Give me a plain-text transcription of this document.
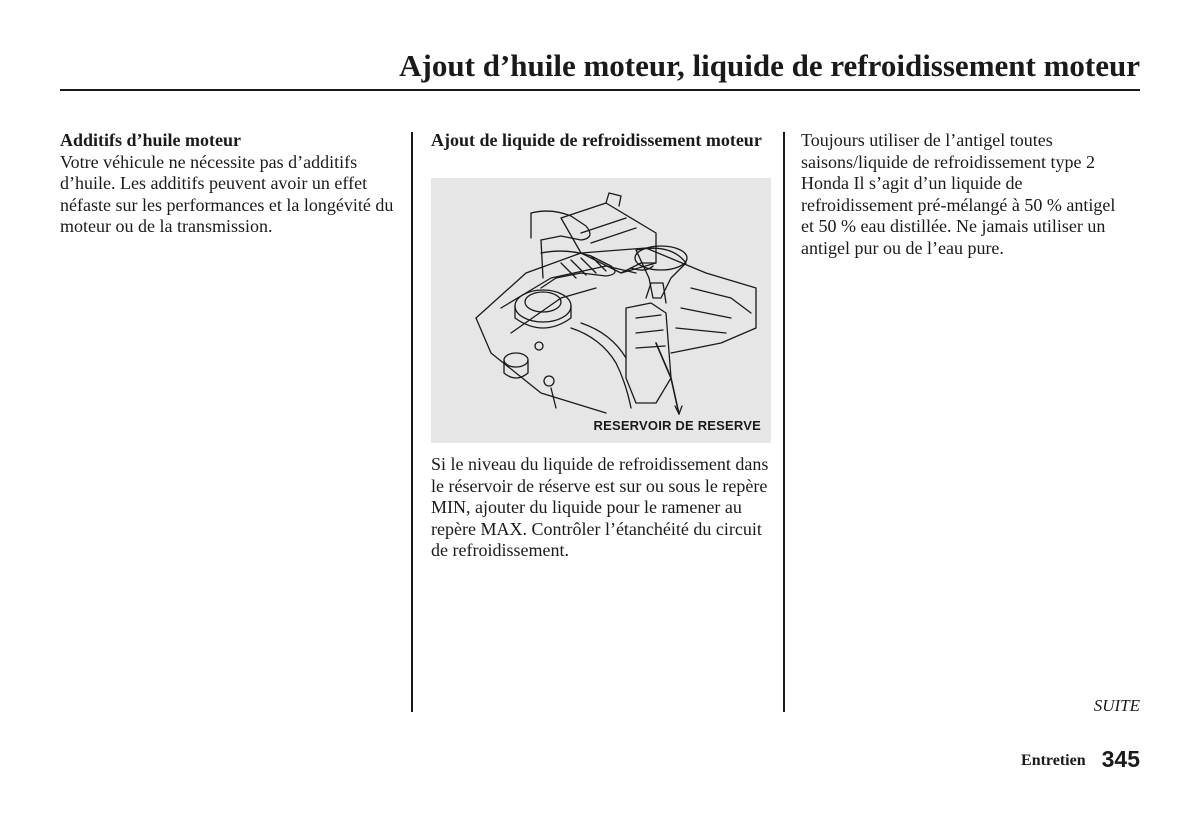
Ajout d’huile moteur, liquide de refroidissement moteur
Additifs d’huile moteur

Votre véhicule ne nécessite pas d’additifs d’huile. Les additifs peuvent avoir un effet néfaste sur les performances et la longévité du moteur ou de la transmission.

Ajout de liquide de refroidissement moteur
RESERVOIR DE RESERVE

Si le niveau du liquide de refroidissement dans le réservoir de réserve est sur ou sous le repère MIN, ajouter du liquide pour le ramener au repère MAX. Contrôler l’étanchéité du circuit de refroidissement.

Toujours utiliser de l’antigel toutes saisons/liquide de refroidissement type 2 Honda Il s’agit d’un liquide de refroidissement pré-mélangé à 50 % antigel et 50 % eau distillée. Ne jamais utiliser un antigel pur ou de l’eau pure.

SUITE
Entretien 345
